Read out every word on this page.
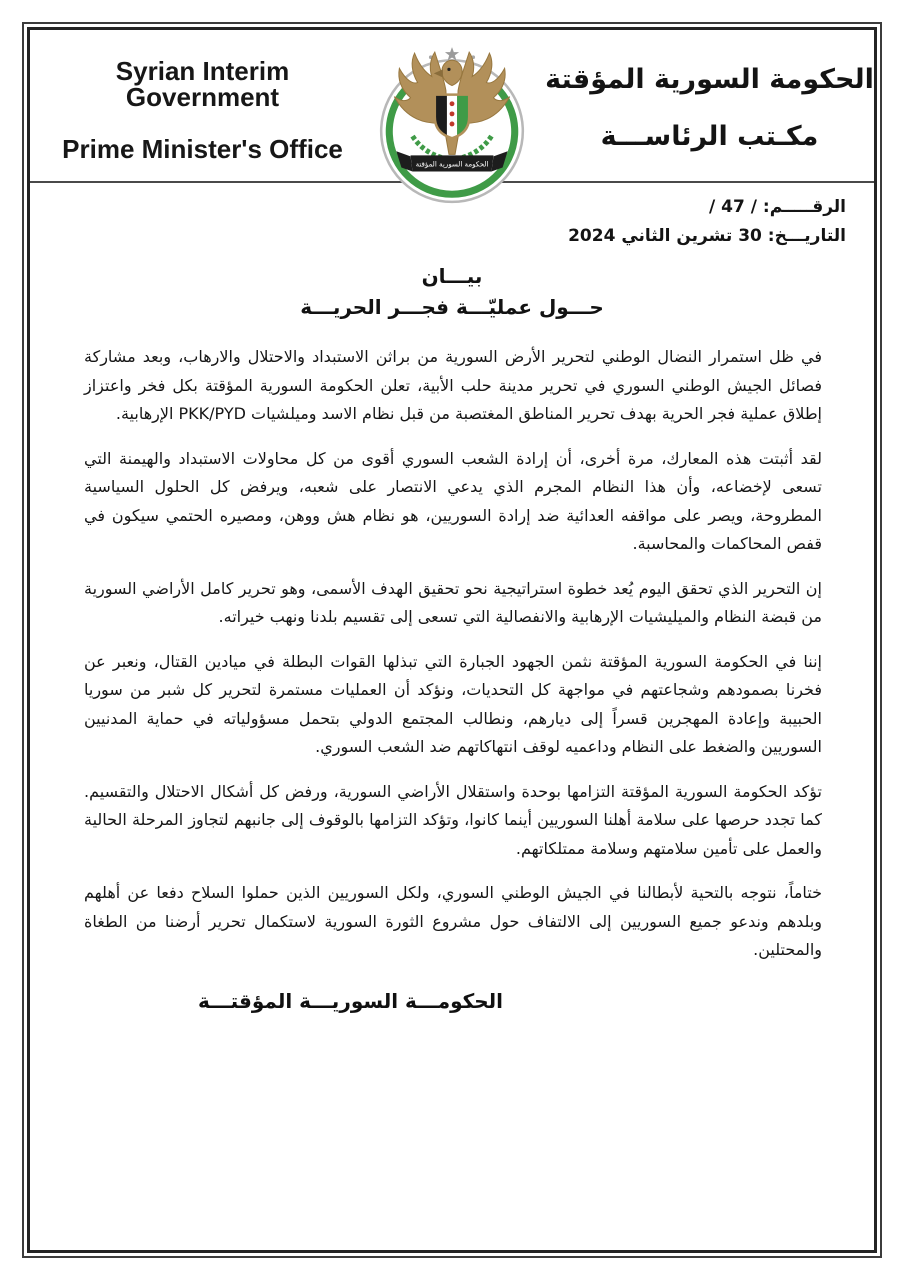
Syrian Interim Government
Prime Minister's Office
الحكومة السورية المؤقتة
مكـتب الرئاســـة
الحكومة السورية المؤقتة
الرقـــــم: / 47 /
التاريـــخ: 30 تشرين الثاني 2024
بيـــان
حـــول عمليّـــة فجـــر الحريـــة

في ظل استمرار النضال الوطني لتحرير الأرض السورية من براثن الاستبداد والاحتلال والارهاب، وبعد مشاركة فصائل الجيش الوطني السوري في تحرير مدينة حلب الأبية، تعلن الحكومة السورية المؤقتة بكل فخر واعتزاز إطلاق عملية فجر الحرية بهدف تحرير المناطق المغتصبة من قبل نظام الاسد وميلشيات PKK/PYD الإرهابية.

لقد أثبتت هذه المعارك، مرة أخرى، أن إرادة الشعب السوري أقوى من كل محاولات الاستبداد والهيمنة التي تسعى لإخضاعه، وأن هذا النظام المجرم الذي يدعي الانتصار على شعبه، ويرفض كل الحلول السياسية المطروحة، ويصر على مواقفه العدائية ضد إرادة السوريين، هو نظام هش ووهن، ومصيره الحتمي سيكون في قفص المحاكمات والمحاسبة.

إن التحرير الذي تحقق اليوم يُعد خطوة استراتيجية نحو تحقيق الهدف الأسمى، وهو تحرير كامل الأراضي السورية من قبضة النظام والميليشيات الإرهابية والانفصالية التي تسعى إلى تقسيم بلدنا ونهب خيراته.

إننا في الحكومة السورية المؤقتة نثمن الجهود الجبارة التي تبذلها القوات البطلة في ميادين القتال، ونعبر عن فخرنا بصمودهم وشجاعتهم في مواجهة كل التحديات، ونؤكد أن العمليات مستمرة لتحرير كل شبر من سوريا الحبيبة وإعادة المهجرين قسراً إلى ديارهم، ونطالب المجتمع الدولي بتحمل مسؤولياته في حماية المدنيين السوريين والضغط على النظام وداعميه لوقف انتهاكاتهم ضد الشعب السوري.

تؤكد الحكومة السورية المؤقتة التزامها بوحدة واستقلال الأراضي السورية، ورفض كل أشكال الاحتلال والتقسيم. كما تجدد حرصها على سلامة أهلنا السوريين أينما كانوا، وتؤكد التزامها بالوقوف إلى جانبهم لتجاوز المرحلة الحالية والعمل على تأمين سلامتهم وسلامة ممتلكاتهم.

ختاماً، نتوجه بالتحية لأبطالنا في الجيش الوطني السوري، ولكل السوريين الذين حملوا السلاح دفعا عن أهلهم وبلدهم وندعو جميع السوريين إلى الالتفاف حول مشروع الثورة السورية لاستكمال تحرير أرضنا من الطغاة والمحتلين.

الحكومـــة السوريـــة المؤقتـــة
